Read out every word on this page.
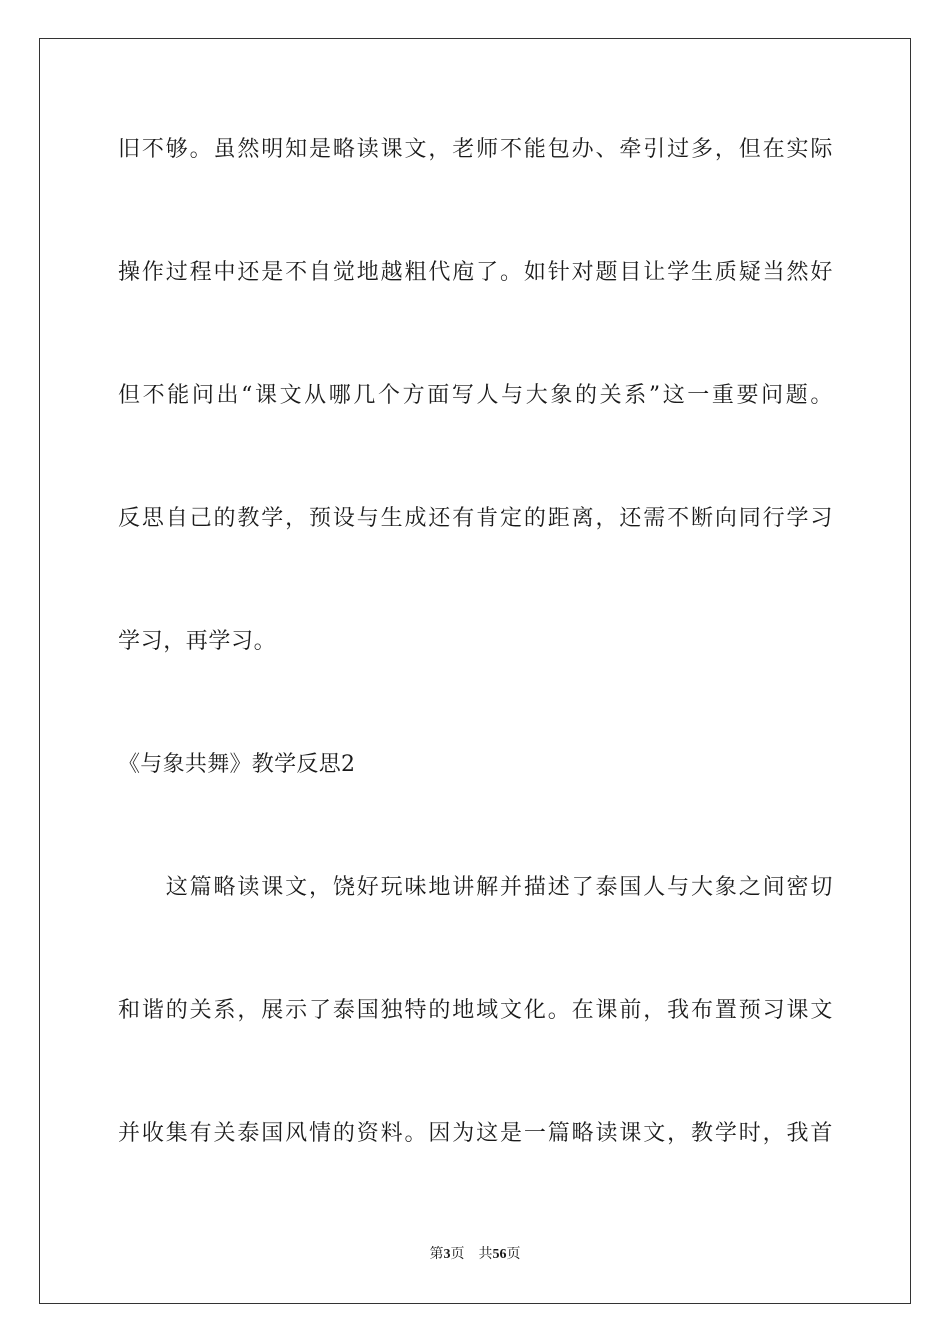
旧不够。虽然明知是略读课文，老师不能包办、牵引过多，但在实际
操作过程中还是不自觉地越粗代庖了。如针对题目让学生质疑当然好
但不能问出“课文从哪几个方面写人与大象的关系”这一重要问题。
反思自己的教学，预设与生成还有肯定的距离，还需不断向同行学习
学习，再学习。
《与象共舞》教学反思2
　　这篇略读课文，饶好玩味地讲解并描述了泰国人与大象之间密切
和谐的关系，展示了泰国独特的地域文化。在课前，我布置预习课文
并收集有关泰国风情的资料。因为这是一篇略读课文，教学时，我首
第3页 共56页
